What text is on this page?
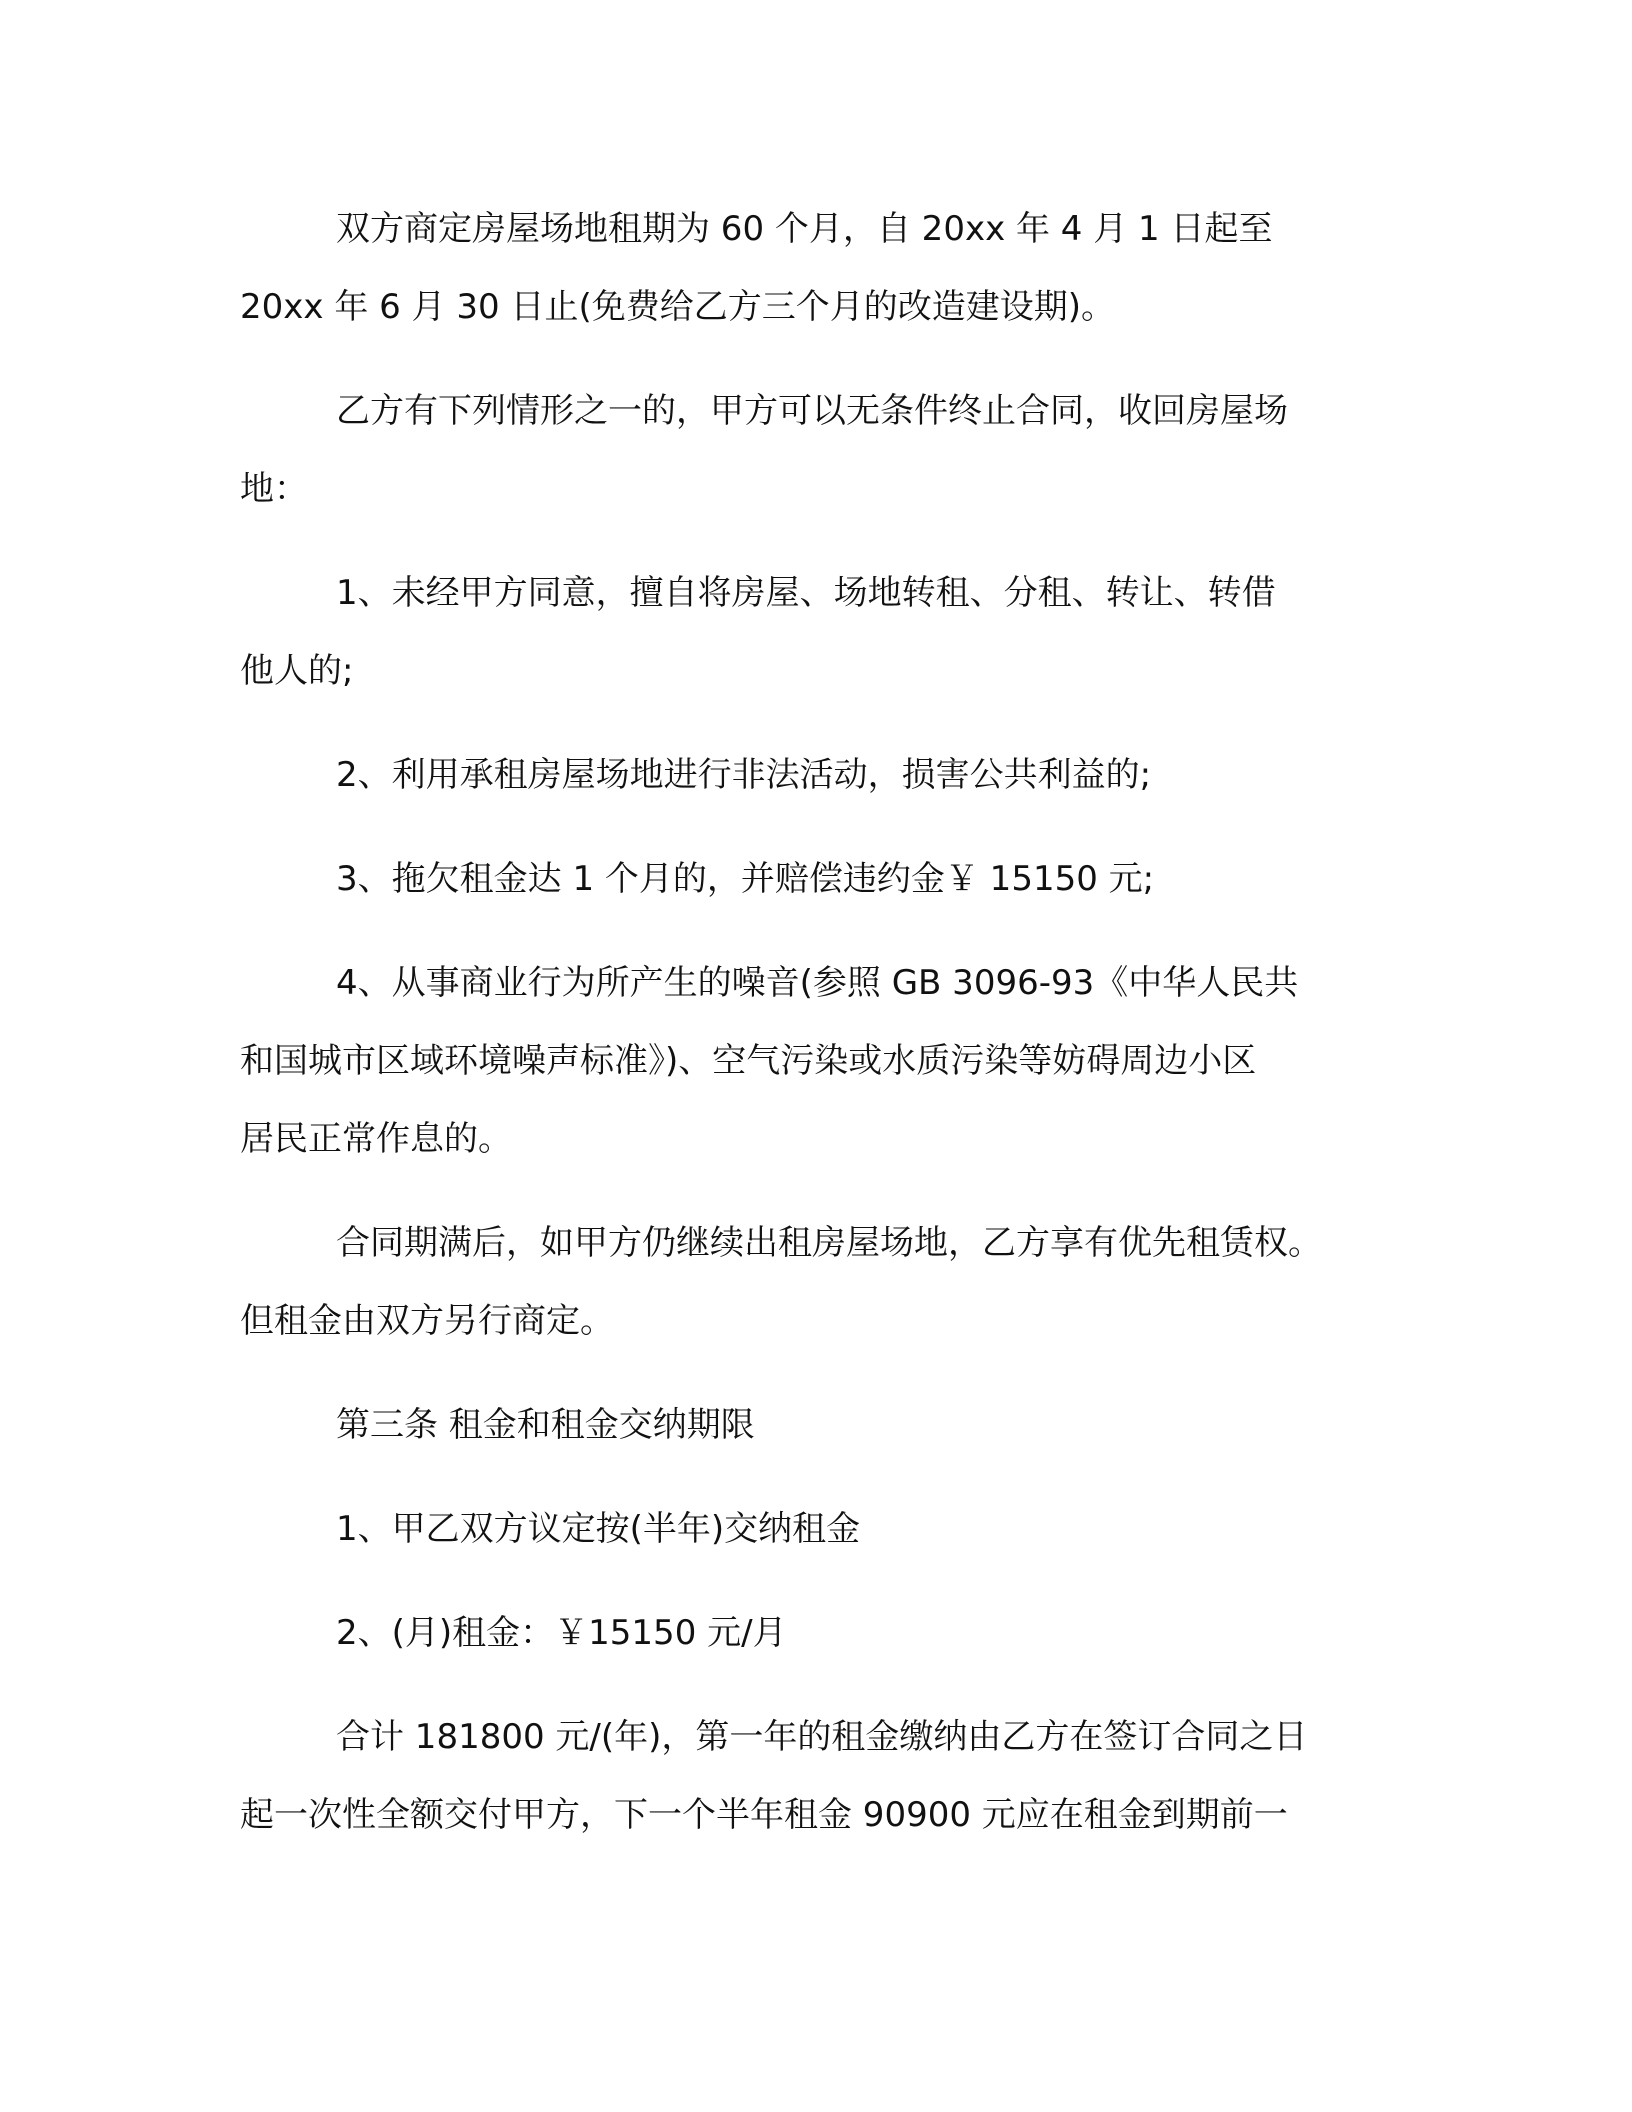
双方商定房屋场地租期为 60 个月，自 20xx 年 4 月 1 日起至
20xx 年 6 月 30 日止(免费给乙方三个月的改造建设期)。

乙方有下列情形之一的，甲方可以无条件终止合同，收回房屋场
地：

1、未经甲方同意，擅自将房屋、场地转租、分租、转让、转借
他人的;

2、利用承租房屋场地进行非法活动，损害公共利益的;

3、拖欠租金达 1 个月的，并赔偿违约金￥ 15150 元;

4、从事商业行为所产生的噪音(参照 GB 3096-93《中华人民共
和国城市区域环境噪声标准》)、空气污染或水质污染等妨碍周边小区
居民正常作息的。

合同期满后，如甲方仍继续出租房屋场地，乙方享有优先租赁权。
但租金由双方另行商定。

第三条 租金和租金交纳期限

1、甲乙双方议定按(半年)交纳租金

2、(月)租金：￥15150 元/月

合计 181800 元/(年)，第一年的租金缴纳由乙方在签订合同之日
起一次性全额交付甲方，下一个半年租金 90900 元应在租金到期前一
